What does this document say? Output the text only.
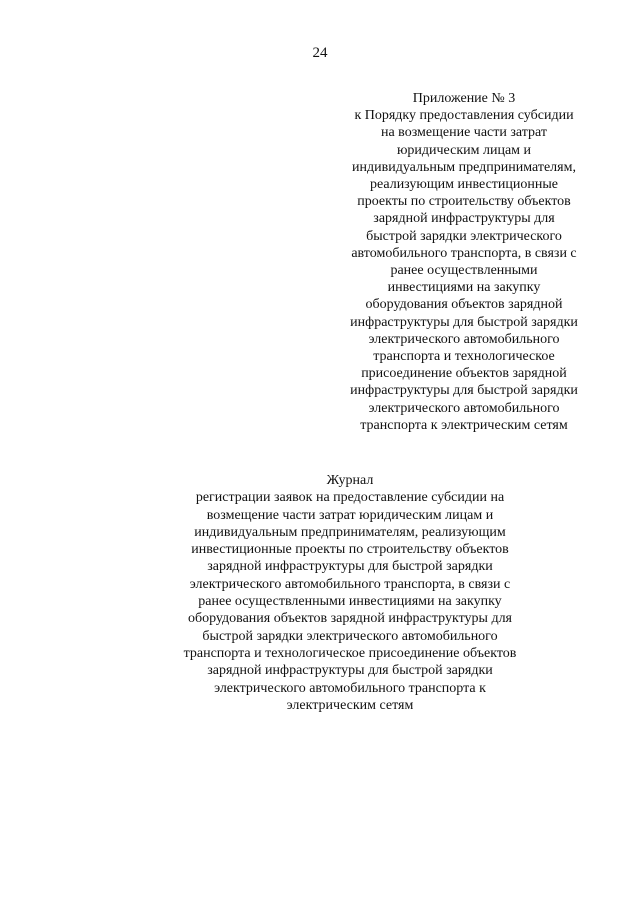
24
Приложение № 3
к Порядку предоставления субсидии
на возмещение части затрат
юридическим лицам и
индивидуальным предпринимателям,
реализующим инвестиционные
проекты по строительству объектов
зарядной инфраструктуры для
быстрой зарядки электрического
автомобильного транспорта, в связи с
ранее осуществленными
инвестициями на закупку
оборудования объектов зарядной
инфраструктуры для быстрой зарядки
электрического автомобильного
транспорта и технологическое
присоединение объектов зарядной
инфраструктуры для быстрой зарядки
электрического автомобильного
транспорта к электрическим сетям
Журнал
регистрации заявок на предоставление субсидии на
возмещение части затрат юридическим лицам и
индивидуальным предпринимателям, реализующим
инвестиционные проекты по строительству объектов
зарядной инфраструктуры для быстрой зарядки
электрического автомобильного транспорта, в связи с
ранее осуществленными инвестициями на закупку
оборудования объектов зарядной инфраструктуры для
быстрой зарядки электрического автомобильного
транспорта и технологическое присоединение объектов
зарядной инфраструктуры для быстрой зарядки
электрического автомобильного транспорта к
электрическим сетям
